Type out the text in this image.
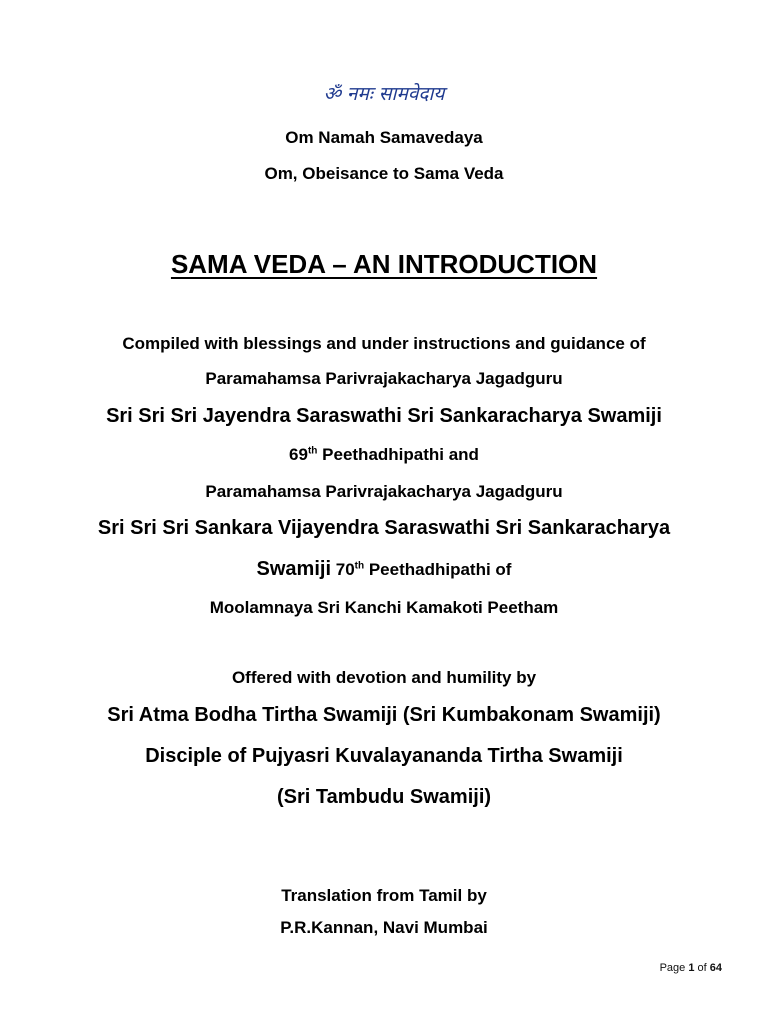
ॐ नमः सामवेदाय
Om Namah Samavedaya
Om, Obeisance to Sama Veda
SAMA VEDA – AN INTRODUCTION
Compiled with blessings and under instructions and guidance of
Paramahamsa Parivrajakacharya Jagadguru
Sri Sri Sri Jayendra Saraswathi Sri Sankaracharya Swamiji
69th Peethadhipathi and
Paramahamsa Parivrajakacharya Jagadguru
Sri Sri Sri Sankara Vijayendra Saraswathi Sri Sankaracharya
Swamiji 70th Peethadhipathi of
Moolamnaya Sri Kanchi Kamakoti Peetham
Offered with devotion and humility by
Sri Atma Bodha Tirtha Swamiji (Sri Kumbakonam Swamiji)
Disciple of Pujyasri Kuvalayananda Tirtha Swamiji
(Sri Tambudu Swamiji)
Translation from Tamil by
P.R.Kannan, Navi Mumbai
Page 1 of 64
